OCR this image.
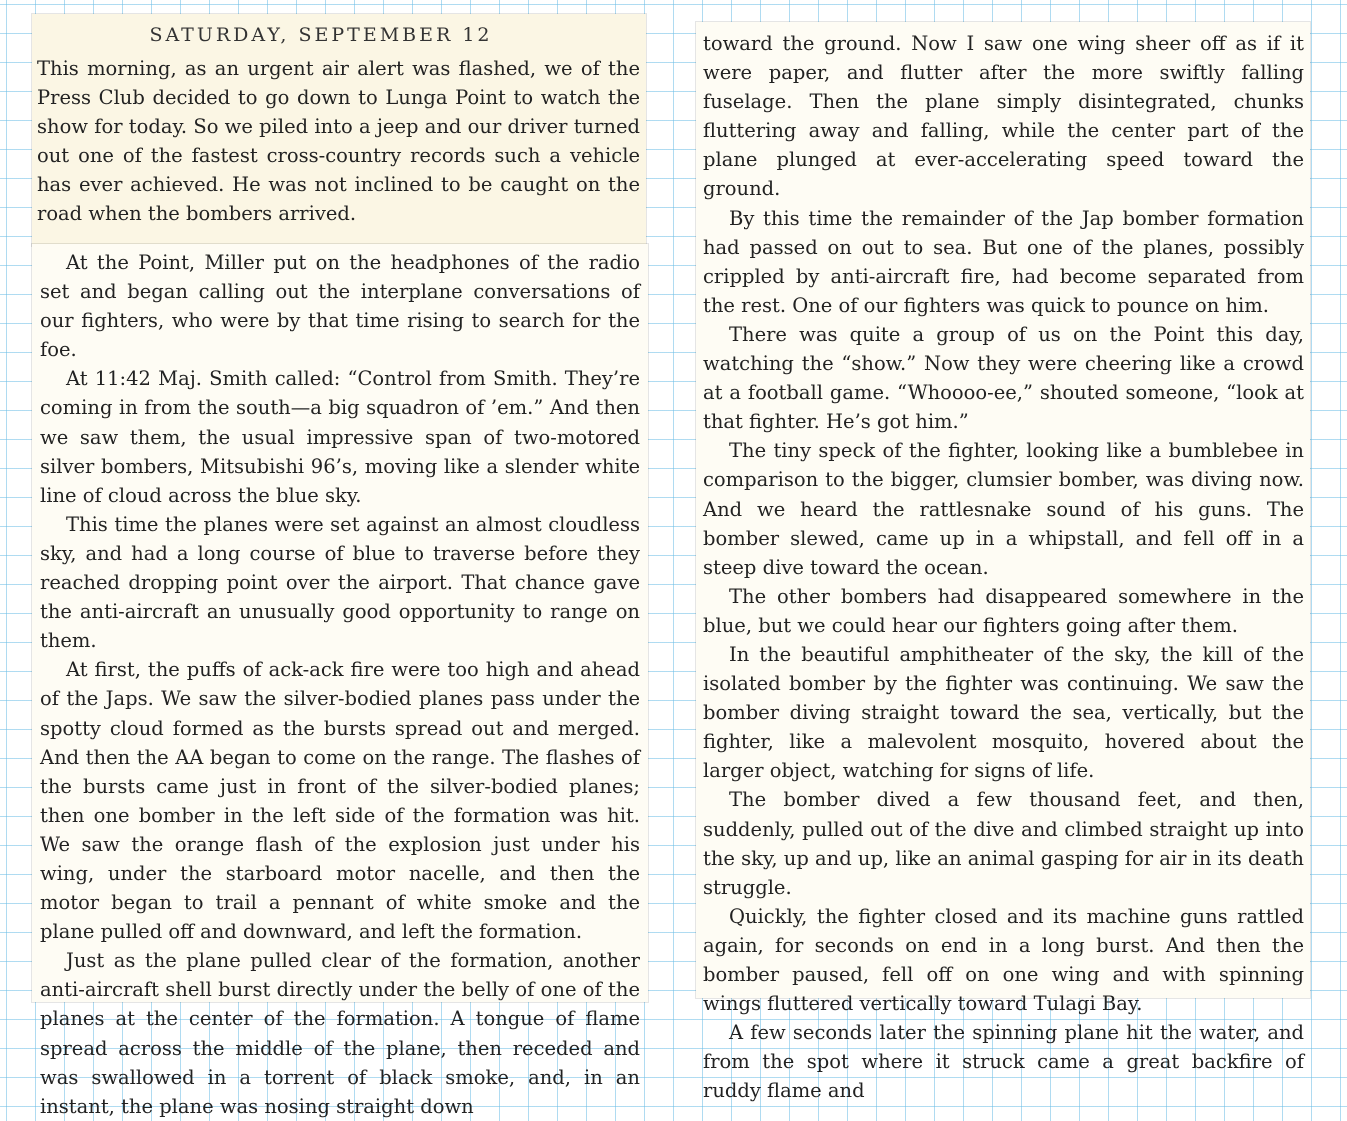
SATURDAY, SEPTEMBER 12

This morning, as an urgent air alert was flashed, we of the Press Club decided to go down to Lunga Point to watch the show for today. So we piled into a jeep and our driver turned out one of the fastest cross-country records such a vehicle has ever achieved. He was not inclined to be caught on the road when the bombers arrived.

At the Point, Miller put on the headphones of the radio set and began calling out the interplane conversations of our fighters, who were by that time rising to search for the foe.

At 11:42 Maj. Smith called: “Control from Smith. They’re coming in from the south—a big squadron of ’em.” And then we saw them, the usual impressive span of two-motored silver bombers, Mitsubishi 96’s, moving like a slender white line of cloud across the blue sky.

This time the planes were set against an almost cloudless sky, and had a long course of blue to traverse before they reached dropping point over the airport. That chance gave the anti-aircraft an unusually good opportunity to range on them.

At first, the puffs of ack-ack fire were too high and ahead of the Japs. We saw the silver-bodied planes pass under the spotty cloud formed as the bursts spread out and merged. And then the AA began to come on the range. The flashes of the bursts came just in front of the silver-bodied planes; then one bomber in the left side of the formation was hit. We saw the orange flash of the explosion just under his wing, under the starboard motor nacelle, and then the motor began to trail a pennant of white smoke and the plane pulled off and downward, and left the formation.

Just as the plane pulled clear of the formation, another anti-aircraft shell burst directly under the belly of one of the planes at the center of the formation. A tongue of flame spread across the middle of the plane, then receded and was swallowed in a torrent of black smoke, and, in an instant, the plane was nosing straight down

toward the ground. Now I saw one wing sheer off as if it were paper, and flutter after the more swiftly falling fuselage. Then the plane simply disintegrated, chunks fluttering away and falling, while the center part of the plane plunged at ever-accelerating speed toward the ground.

By this time the remainder of the Jap bomber formation had passed on out to sea. But one of the planes, possibly crippled by anti-aircraft fire, had become separated from the rest. One of our fighters was quick to pounce on him.

There was quite a group of us on the Point this day, watching the “show.” Now they were cheering like a crowd at a football game. “Whoooo-ee,” shouted someone, “look at that fighter. He’s got him.”

The tiny speck of the fighter, looking like a bumblebee in comparison to the bigger, clumsier bomber, was diving now. And we heard the rattlesnake sound of his guns. The bomber slewed, came up in a whipstall, and fell off in a steep dive toward the ocean.

The other bombers had disappeared somewhere in the blue, but we could hear our fighters going after them.

In the beautiful amphitheater of the sky, the kill of the isolated bomber by the fighter was continuing. We saw the bomber diving straight toward the sea, vertically, but the fighter, like a malevolent mosquito, hovered about the larger object, watching for signs of life.

The bomber dived a few thousand feet, and then, suddenly, pulled out of the dive and climbed straight up into the sky, up and up, like an animal gasping for air in its death struggle.

Quickly, the fighter closed and its machine guns rattled again, for seconds on end in a long burst. And then the bomber paused, fell off on one wing and with spinning wings fluttered vertically toward Tulagi Bay.

A few seconds later the spinning plane hit the water, and from the spot where it struck came a great backfire of ruddy flame and
